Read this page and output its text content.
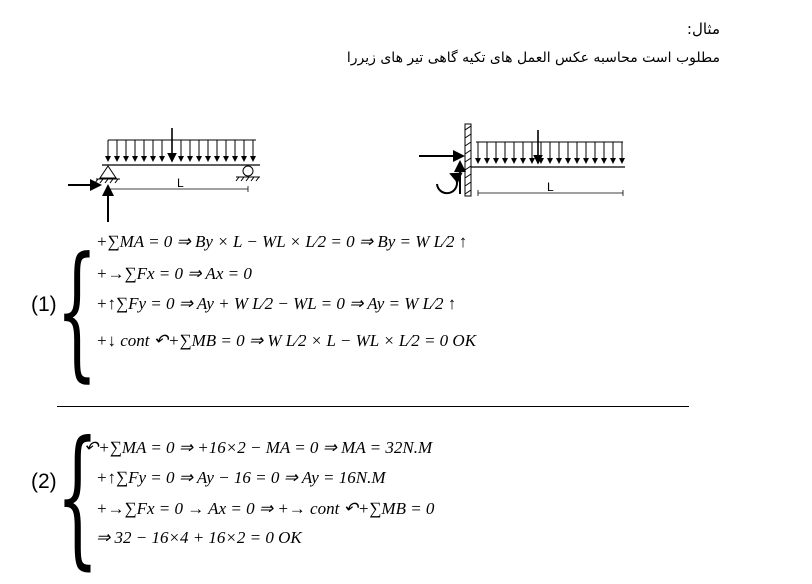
مثال:
مطلوب است محاسبه عکس العمل های تکیه گاهی تیر های زیررا
L	L
(1) {
+∑MA = 0 ⇒ By × L − WL × L⁄2 = 0 ⇒ By = W L⁄2 ↑
+→∑Fx = 0 ⇒ Ax = 0
+↑∑Fy = 0 ⇒ Ay + W L⁄2 − WL = 0 ⇒ Ay = W L⁄2 ↑
+↓ cont ↶+∑MB = 0 ⇒ W L⁄2 × L − WL × L⁄2 = 0 OK
(2) {
↶+∑MA = 0 ⇒ +16×2 − MA = 0 ⇒ MA = 32N.M
+↑∑Fy = 0 ⇒ Ay − 16 = 0 ⇒ Ay = 16N.M
+→∑Fx = 0 → Ax = 0 ⇒ +→ cont ↶+∑MB = 0
⇒ 32 − 16×4 + 16×2 = 0 OK
